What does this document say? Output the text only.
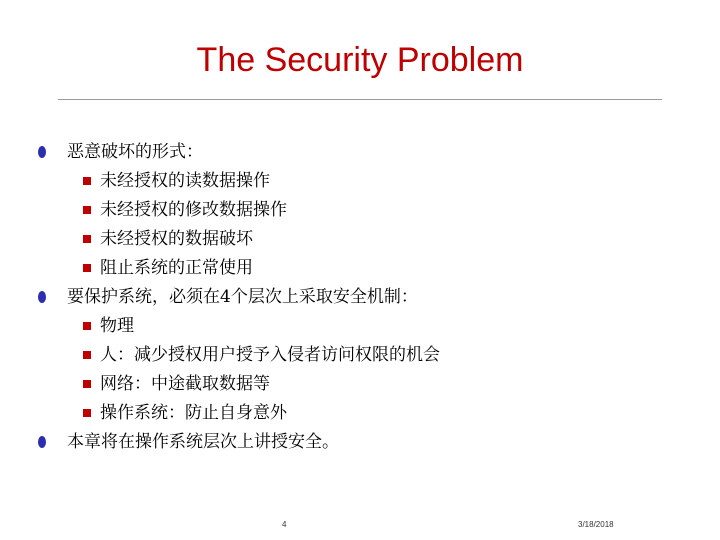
The Security Problem
恶意破坏的形式：
未经授权的读数据操作
未经授权的修改数据操作
未经授权的数据破坏
阻止系统的正常使用
要保护系统，必须在4个层次上采取安全机制：
物理
人：减少授权用户授予入侵者访问权限的机会
网络：中途截取数据等
操作系统：防止自身意外
本章将在操作系统层次上讲授安全。
4	3/18/2018
